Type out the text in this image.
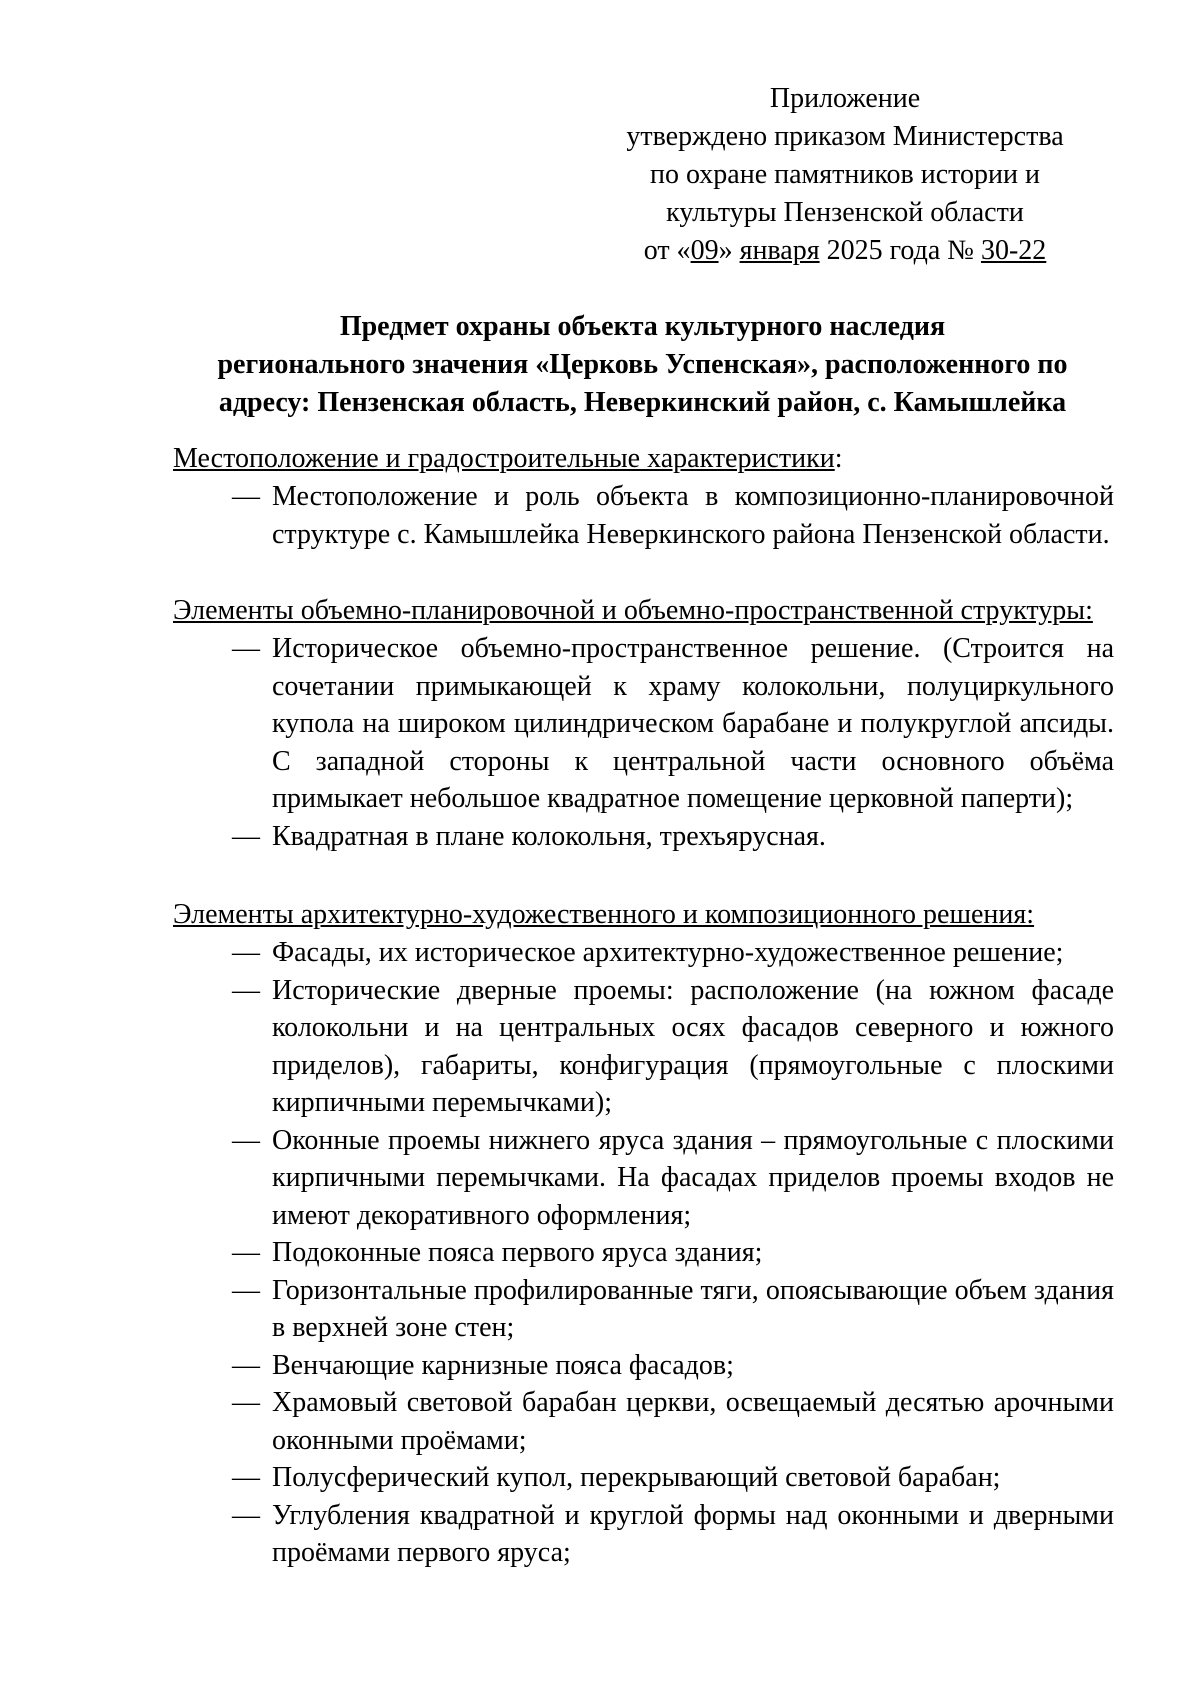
Приложение
утверждено приказом Министерства
по охране памятников истории и
культуры Пензенской области
от «09» января 2025 года № 30-22
Предмет охраны объекта культурного наследия
регионального значения «Церковь Успенская», расположенного по
адресу: Пензенская область, Неверкинский район, с. Камышлейка
Местоположение и градостроительные характеристики:
— Местоположение и роль объекта в композиционно-планировочной структуре с. Камышлейка Неверкинского района Пензенской области.
Элементы объемно-планировочной и объемно-пространственной структуры:
— Историческое объемно-пространственное решение. (Строится на сочетании примыкающей к храму колокольни, полуциркульного купола на широком цилиндрическом барабане и полукруглой апсиды. С западной стороны к центральной части основного объёма примыкает небольшое квадратное помещение церковной паперти);
— Квадратная в плане колокольня, трехъярусная.
Элементы архитектурно-художественного и композиционного решения:
— Фасады, их историческое архитектурно-художественное решение;
— Исторические дверные проемы: расположение (на южном фасаде колокольни и на центральных осях фасадов северного и южного приделов), габариты, конфигурация (прямоугольные с плоскими кирпичными перемычками);
— Оконные проемы нижнего яруса здания – прямоугольные с плоскими кирпичными перемычками. На фасадах приделов проемы входов не имеют декоративного оформления;
— Подоконные пояса первого яруса здания;
— Горизонтальные профилированные тяги, опоясывающие объем здания в верхней зоне стен;
— Венчающие карнизные пояса фасадов;
— Храмовый световой барабан церкви, освещаемый десятью арочными оконными проёмами;
— Полусферический купол, перекрывающий световой барабан;
— Углубления квадратной и круглой формы над оконными и дверными проёмами первого яруса;
